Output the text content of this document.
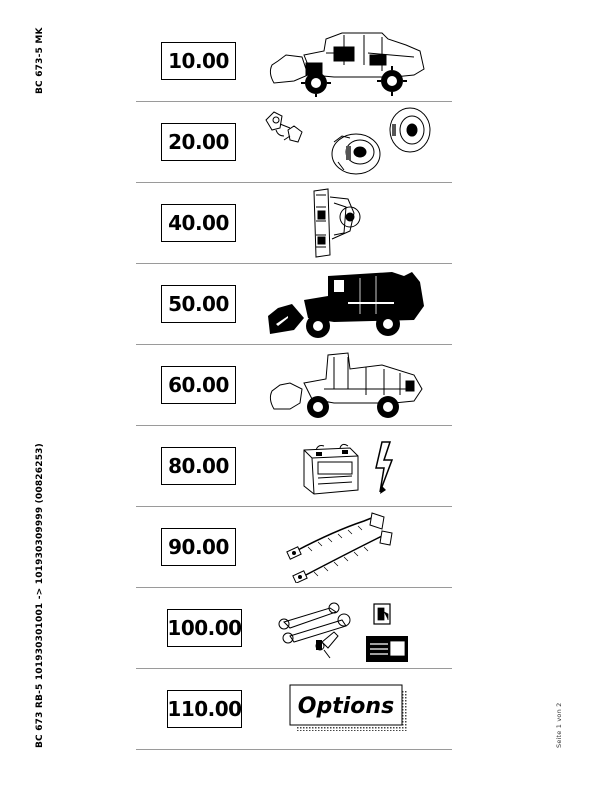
BC 673-5 MK
BC 673 RB-5 101930301001 -> 101930309999 (00826253)	Seite 1 von 2
10.00
20.00
40.00
50.00
60.00
80.00
90.00
100.00
110.00	Options
